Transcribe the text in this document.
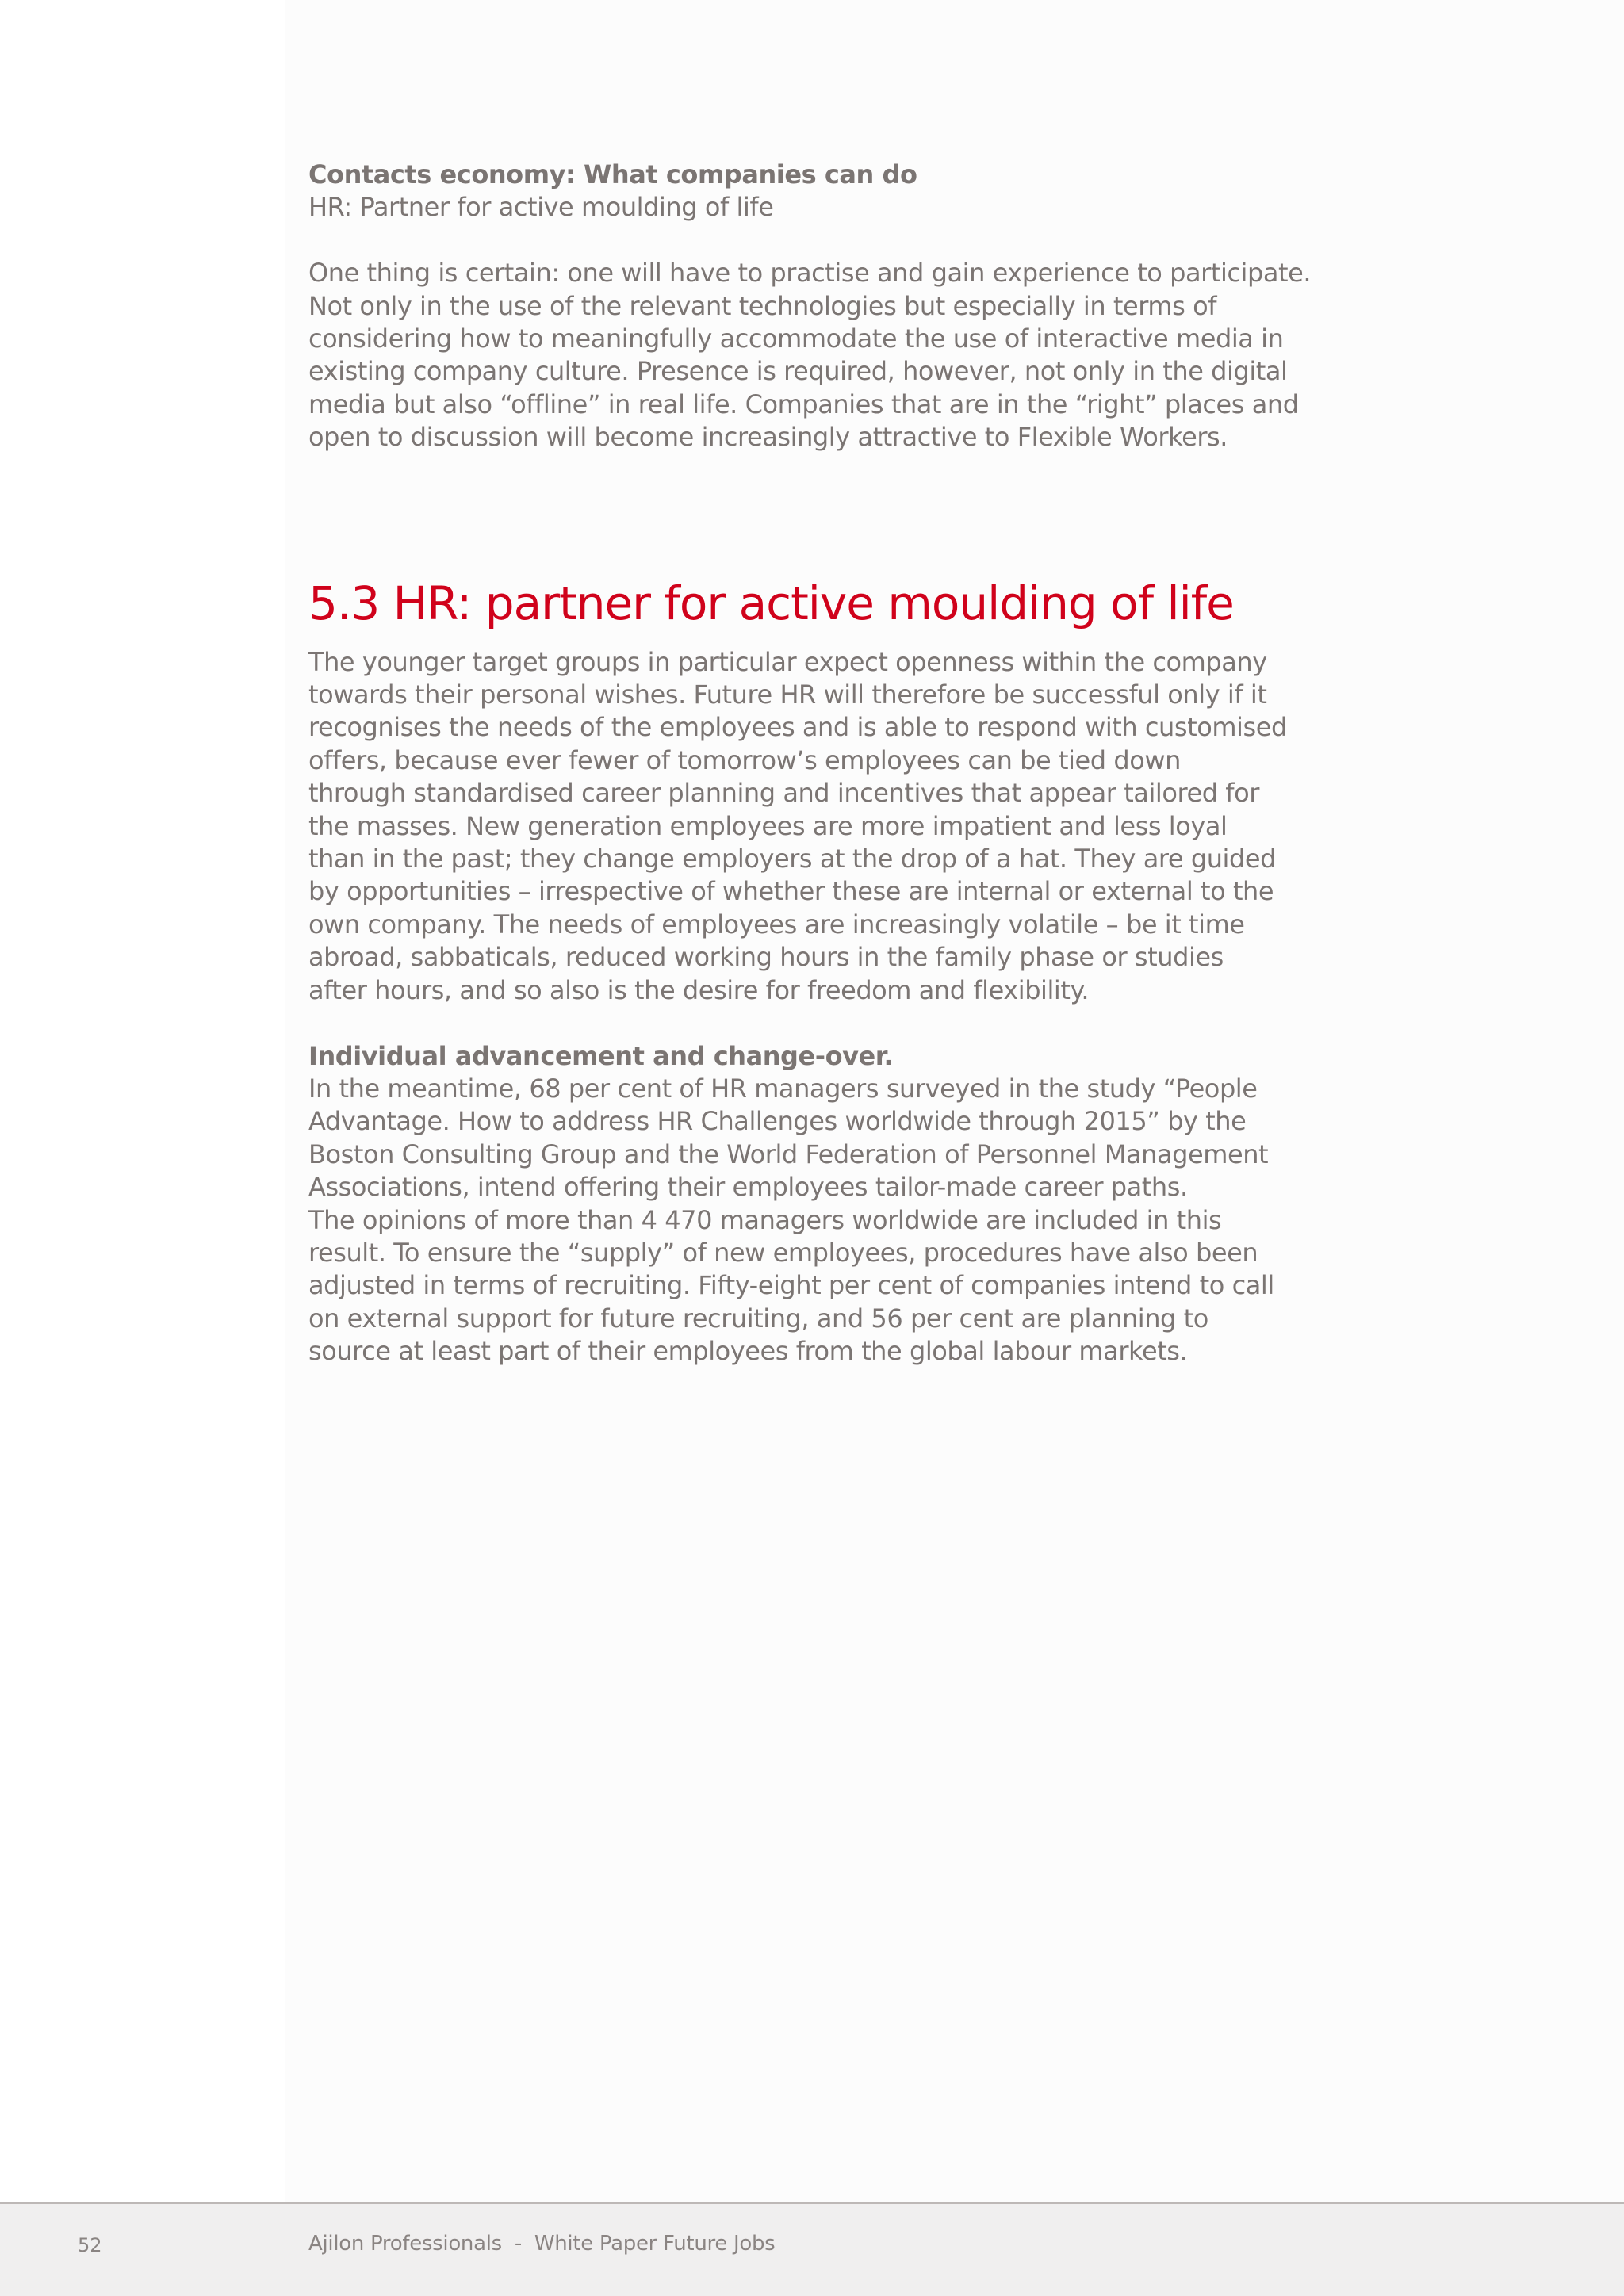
Contacts economy: What companies can do

HR: Partner for active moulding of life

One thing is certain: one will have to practise and gain experience to participate.
Not only in the use of the relevant technologies but especially in terms of
considering how to meaningfully accommodate the use of interactive media in
existing company culture. Presence is required, however, not only in the digital
media but also “offline” in real life. Companies that are in the “right” places and
open to discussion will become increasingly attractive to Flexible Workers.

5.3 HR: partner for active moulding of life

The younger target groups in particular expect openness within the company
towards their personal wishes. Future HR will therefore be successful only if it
recognises the needs of the employees and is able to respond with customised
offers, because ever fewer of tomorrow’s employees can be tied down
through standardised career planning and incentives that appear tailored for
the masses. New generation employees are more impatient and less loyal
than in the past; they change employers at the drop of a hat. They are guided
by opportunities – irrespective of whether these are internal or external to the
own company. The needs of employees are increasingly volatile – be it time
abroad, sabbaticals, reduced working hours in the family phase or studies
after hours, and so also is the desire for freedom and flexibility.

Individual advancement and change-over.

In the meantime, 68 per cent of HR managers surveyed in the study “People
Advantage. How to address HR Challenges worldwide through 2015” by the
Boston Consulting Group and the World Federation of Personnel Management
Associations, intend offering their employees tailor-made career paths.
The opinions of more than 4 470 managers worldwide are included in this
result. To ensure the “supply” of new employees, procedures have also been
adjusted in terms of recruiting. Fifty-eight per cent of companies intend to call
on external support for future recruiting, and 56 per cent are planning to
source at least part of their employees from the global labour markets.

52	Ajilon Professionals  -  White Paper Future Jobs
